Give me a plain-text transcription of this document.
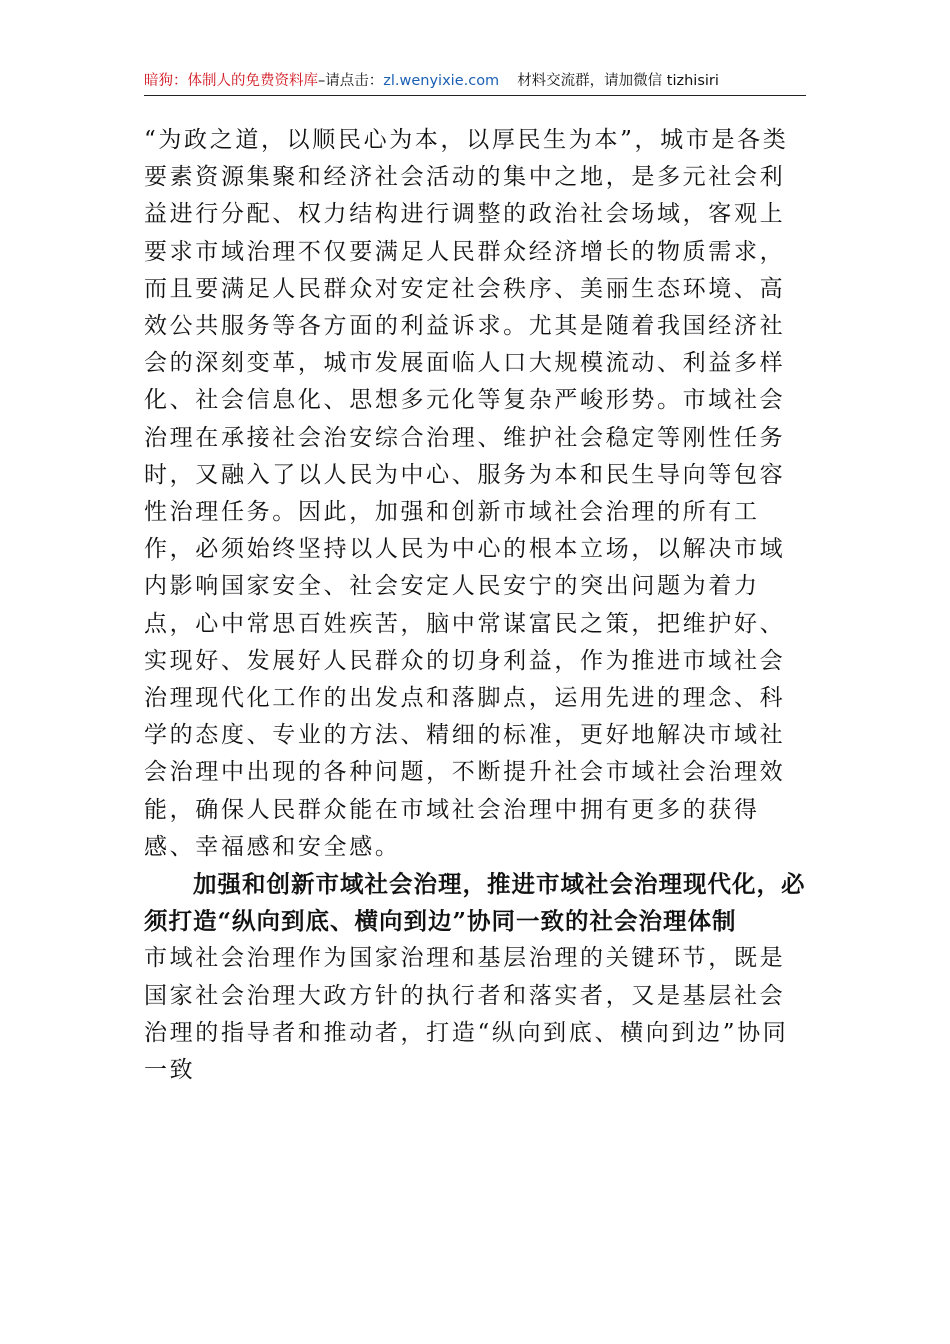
暗狗：体制人的免费资料库–请点击：zl.wenyixie.com 材料交流群，请加微信 tizhisiri

“为政之道，以顺民心为本，以厚民生为本”，城市是各类要素资源集聚和经济社会活动的集中之地，是多元社会利益进行分配、权力结构进行调整的政治社会场域，客观上要求市域治理不仅要满足人民群众经济增长的物质需求，而且要满足人民群众对安定社会秩序、美丽生态环境、高效公共服务等各方面的利益诉求。尤其是随着我国经济社会的深刻变革，城市发展面临人口大规模流动、利益多样化、社会信息化、思想多元化等复杂严峻形势。市域社会治理在承接社会治安综合治理、维护社会稳定等刚性任务时，又融入了以人民为中心、服务为本和民生导向等包容性治理任务。因此，加强和创新市域社会治理的所有工作，必须始终坚持以人民为中心的根本立场，以解决市域内影响国家安全、社会安定人民安宁的突出问题为着力点，心中常思百姓疾苦，脑中常谋富民之策，把维护好、实现好、发展好人民群众的切身利益，作为推进市域社会治理现代化工作的出发点和落脚点，运用先进的理念、科学的态度、专业的方法、精细的标准，更好地解决市域社会治理中出现的各种问题，不断提升社会市域社会治理效能，确保人民群众能在市域社会治理中拥有更多的获得感、幸福感和安全感。

加强和创新市域社会治理，推进市域社会治理现代化，必须打造“纵向到底、横向到边”协同一致的社会治理体制

市域社会治理作为国家治理和基层治理的关键环节，既是国家社会治理大政方针的执行者和落实者，又是基层社会治理的指导者和推动者，打造“纵向到底、横向到边”协同一致
